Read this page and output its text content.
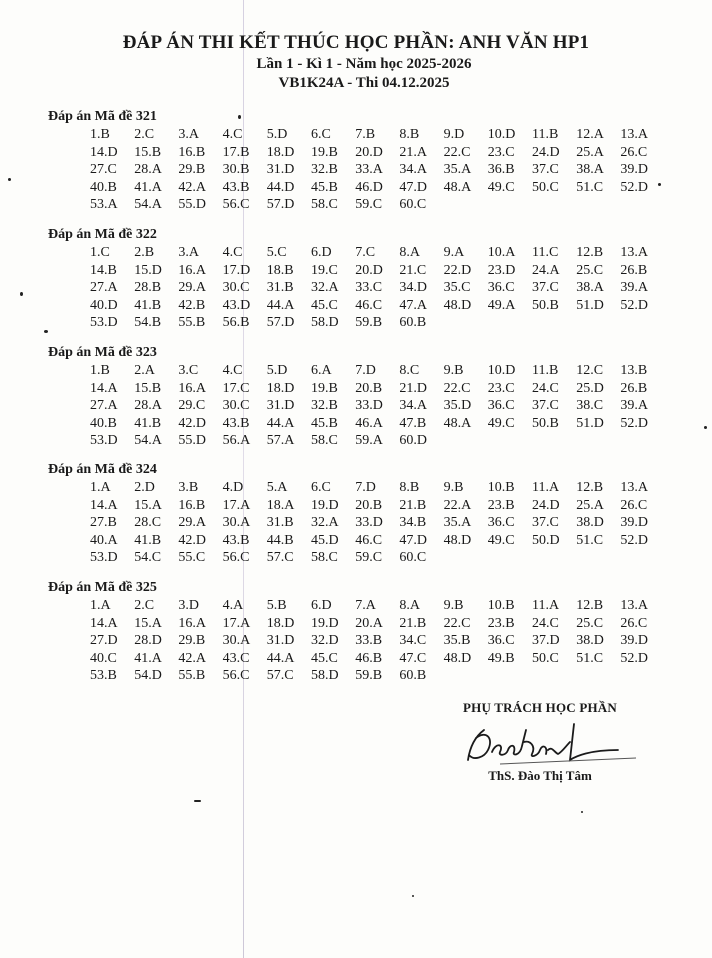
ĐÁP ÁN THI KẾT THÚC HỌC PHẦN: ANH VĂN HP1
Lần 1 - Kì 1 - Năm học 2025-2026
VB1K24A - Thi 04.12.2025
Đáp án Mã đề 321
1.B 2.C 3.A 4.C 5.D 6.C 7.B 8.B 9.D 10.D 11.B 12.A 13.A
14.D 15.B 16.B 17.B 18.D 19.B 20.D 21.A 22.C 23.C 24.D 25.A 26.C
27.C 28.A 29.B 30.B 31.D 32.B 33.A 34.A 35.A 36.B 37.C 38.A 39.D
40.B 41.A 42.A 43.B 44.D 45.B 46.D 47.D 48.A 49.C 50.C 51.C 52.D
53.A 54.A 55.D 56.C 57.D 58.C 59.C 60.C
Đáp án Mã đề 322
1.C 2.B 3.A 4.C 5.C 6.D 7.C 8.A 9.A 10.A 11.C 12.B 13.A
14.B 15.D 16.A 17.D 18.B 19.C 20.D 21.C 22.D 23.D 24.A 25.C 26.B
27.A 28.B 29.A 30.C 31.B 32.A 33.C 34.D 35.C 36.C 37.C 38.A 39.A
40.D 41.B 42.B 43.D 44.A 45.C 46.C 47.A 48.D 49.A 50.B 51.D 52.D
53.D 54.B 55.B 56.B 57.D 58.D 59.B 60.B
Đáp án Mã đề 323
1.B 2.A 3.C 4.C 5.D 6.A 7.D 8.C 9.B 10.D 11.B 12.C 13.B
14.A 15.B 16.A 17.C 18.D 19.B 20.B 21.D 22.C 23.C 24.C 25.D 26.B
27.A 28.A 29.C 30.C 31.D 32.B 33.D 34.A 35.D 36.C 37.C 38.C 39.A
40.B 41.B 42.D 43.B 44.A 45.B 46.A 47.B 48.A 49.C 50.B 51.D 52.D
53.D 54.A 55.D 56.A 57.A 58.C 59.A 60.D
Đáp án Mã đề 324
1.A 2.D 3.B 4.D 5.A 6.C 7.D 8.B 9.B 10.B 11.A 12.B 13.A
14.A 15.A 16.B 17.A 18.A 19.D 20.B 21.B 22.A 23.B 24.D 25.A 26.C
27.B 28.C 29.A 30.A 31.B 32.A 33.D 34.B 35.A 36.C 37.C 38.D 39.D
40.A 41.B 42.D 43.B 44.B 45.D 46.C 47.D 48.D 49.C 50.D 51.C 52.D
53.D 54.C 55.C 56.C 57.C 58.C 59.C 60.C
Đáp án Mã đề 325
1.A 2.C 3.D 4.A 5.B 6.D 7.A 8.A 9.B 10.B 11.A 12.B 13.A
14.A 15.A 16.A 17.A 18.D 19.D 20.A 21.B 22.C 23.B 24.C 25.C 26.C
27.D 28.D 29.B 30.A 31.D 32.D 33.B 34.C 35.B 36.C 37.D 38.D 39.D
40.C 41.A 42.A 43.C 44.A 45.C 46.B 47.C 48.D 49.B 50.C 51.C 52.D
53.B 54.D 55.B 56.C 57.C 58.D 59.B 60.B
PHỤ TRÁCH HỌC PHẦN
ThS. Đào Thị Tâm
